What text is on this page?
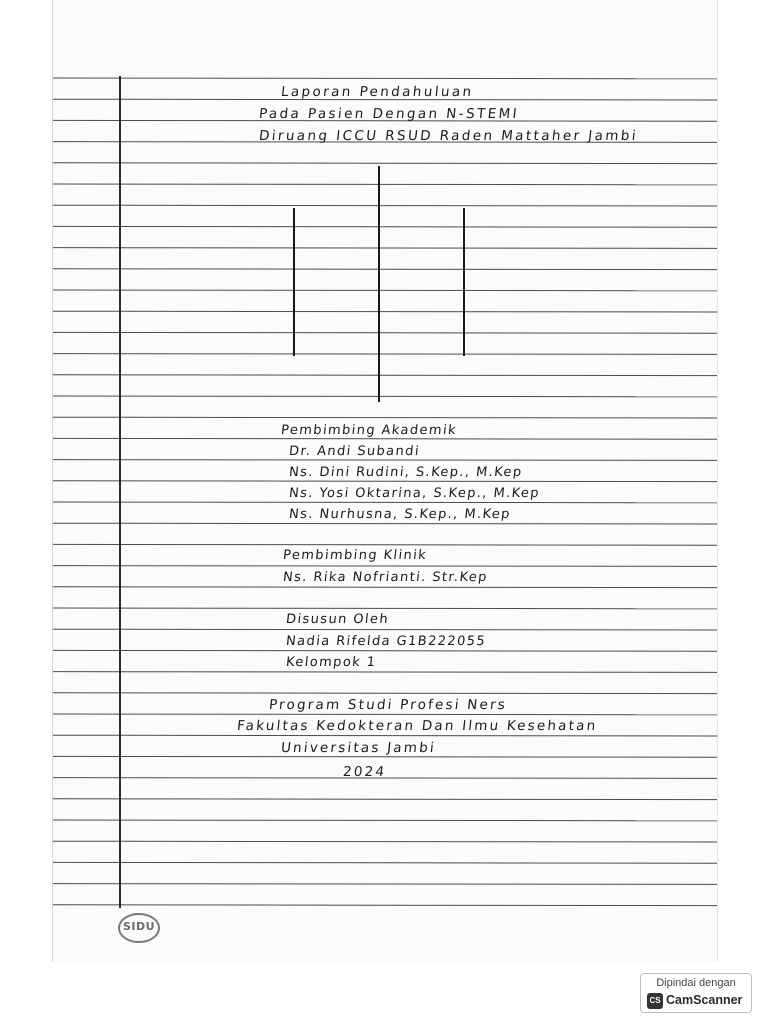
Laporan Pendahuluan
Pada Pasien Dengan N-STEMI
Diruang ICCU RSUD Raden Mattaher Jambi
Pembimbing Akademik
Dr. Andi Subandi
Ns. Dini Rudini, S.Kep., M.Kep
Ns. Yosi Oktarina, S.Kep., M.Kep
Ns. Nurhusna, S.Kep., M.Kep
Pembimbing Klinik
Ns. Rika Nofrianti. Str.Kep
Disusun Oleh
Nadia Rifelda G1B222055
Kelompok 1
Program Studi Profesi Ners
Fakultas Kedokteran Dan Ilmu Kesehatan
Universitas Jambi
2024
SIDU
Dipindai dengan
CS CamScanner
